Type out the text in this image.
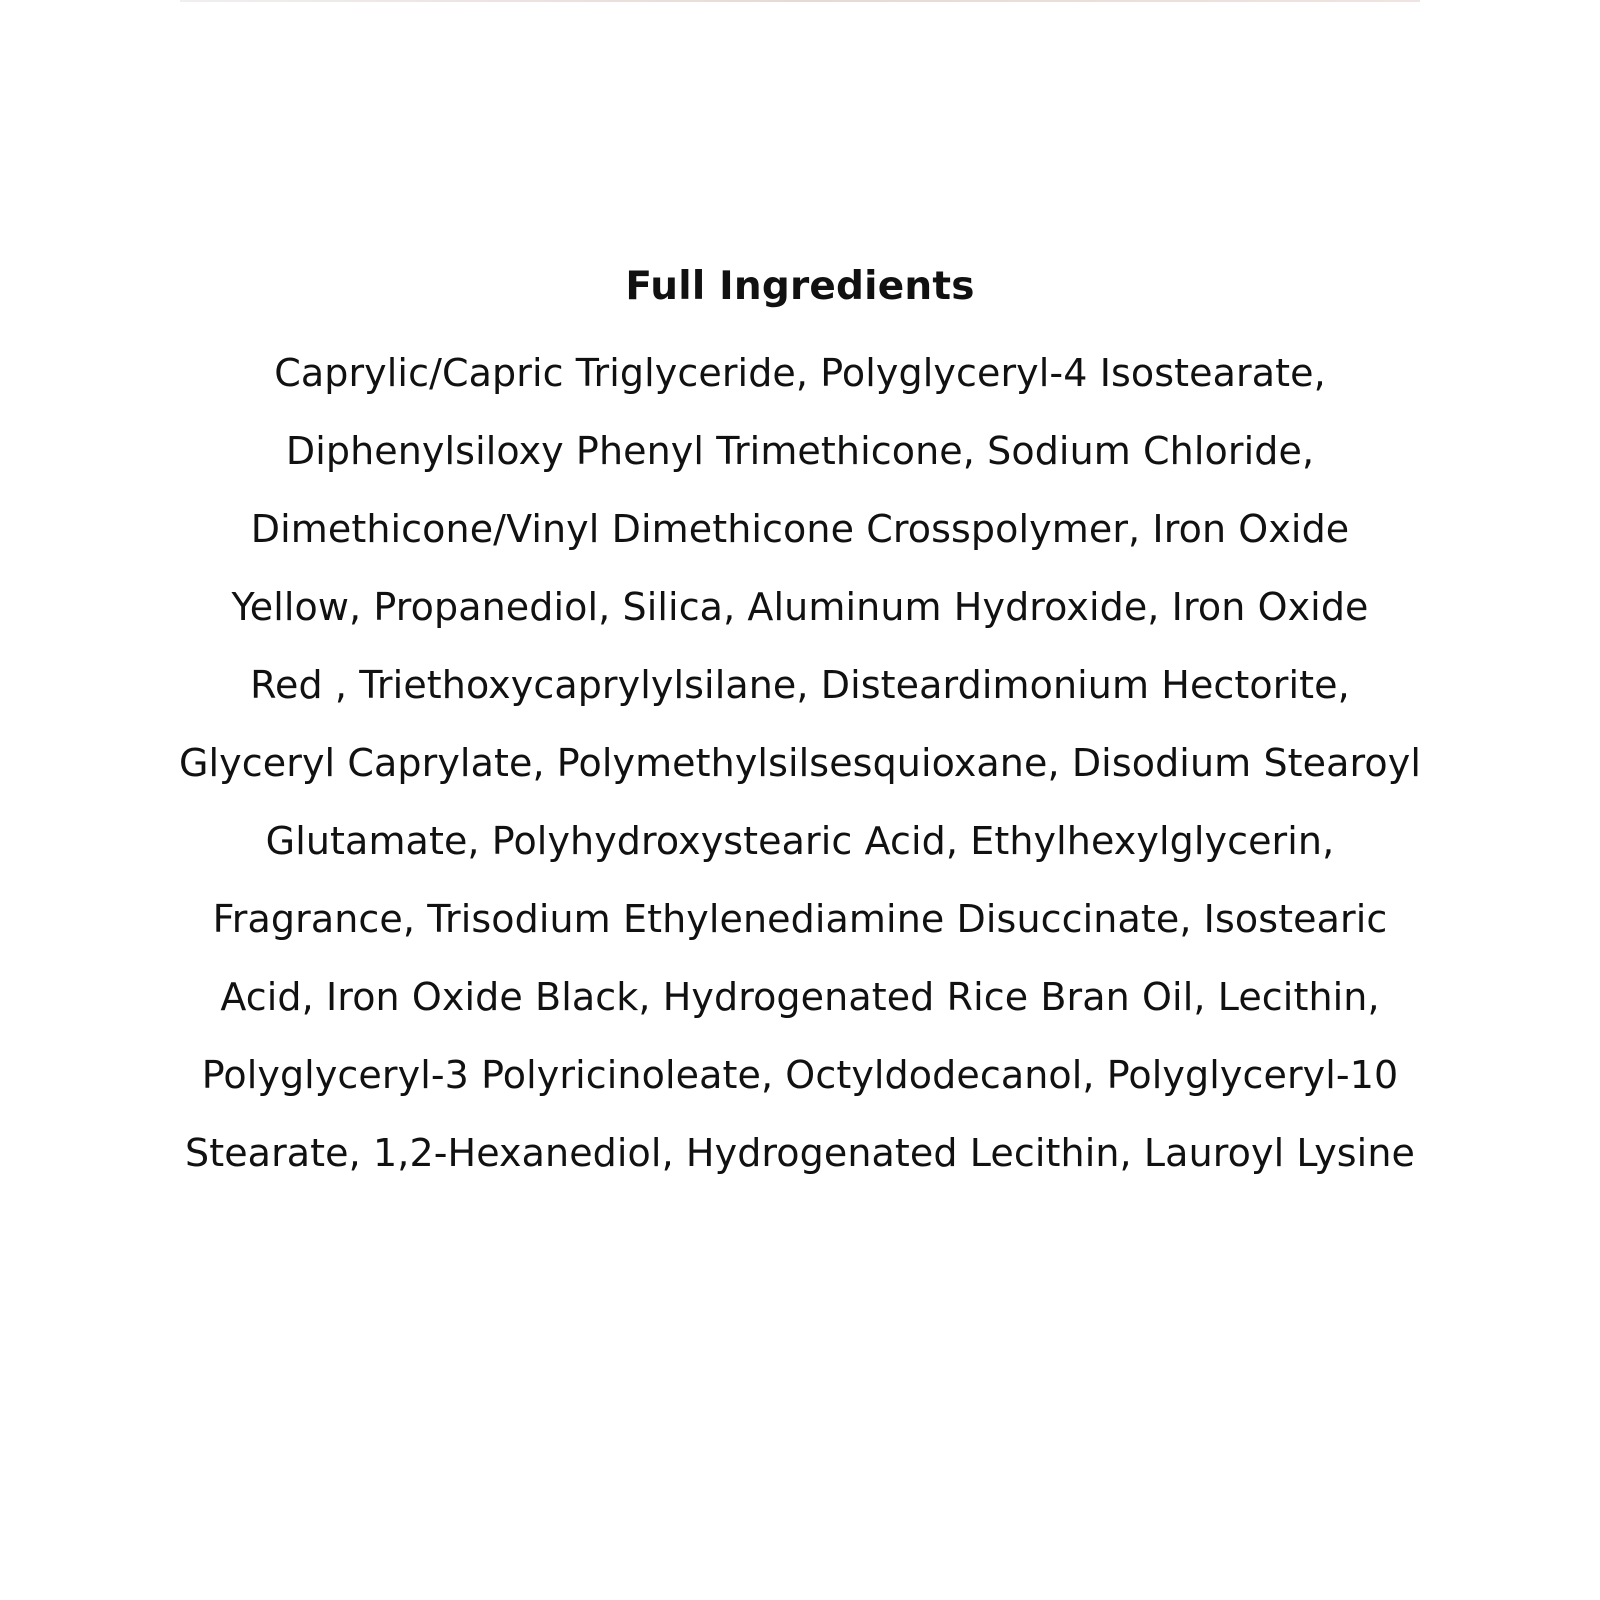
Full Ingredients
Caprylic/Capric Triglyceride, Polyglyceryl-4 Isostearate,
Diphenylsiloxy Phenyl Trimethicone, Sodium Chloride,
Dimethicone/Vinyl Dimethicone Crosspolymer, Iron Oxide
Yellow, Propanediol, Silica, Aluminum Hydroxide, Iron Oxide
Red , Triethoxycaprylylsilane, Disteardimonium Hectorite,
Glyceryl Caprylate, Polymethylsilsesquioxane, Disodium Stearoyl
Glutamate, Polyhydroxystearic Acid, Ethylhexylglycerin,
Fragrance, Trisodium Ethylenediamine Disuccinate, Isostearic
Acid, Iron Oxide Black, Hydrogenated Rice Bran Oil, Lecithin,
Polyglyceryl-3 Polyricinoleate, Octyldodecanol, Polyglyceryl-10
Stearate, 1,2-Hexanediol, Hydrogenated Lecithin, Lauroyl Lysine
